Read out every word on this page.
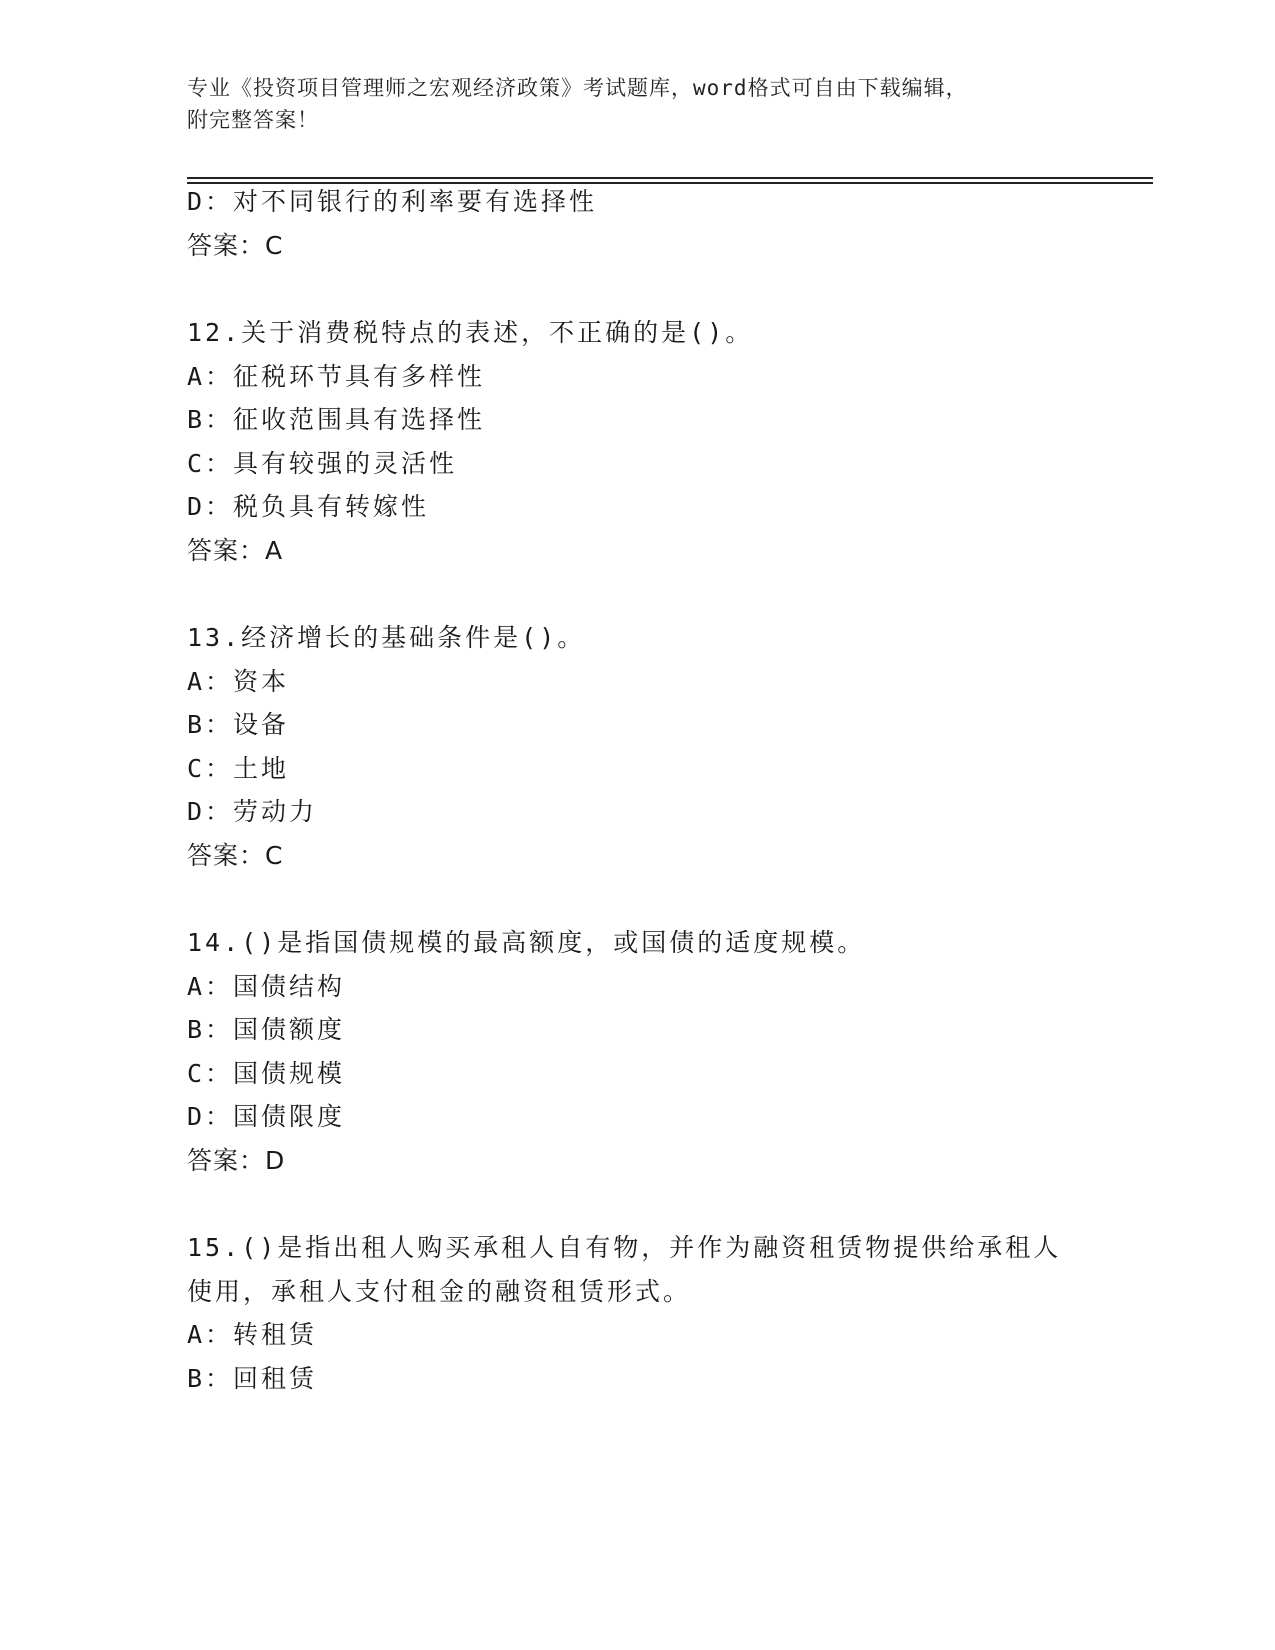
专业《投资项目管理师之宏观经济政策》考试题库，word格式可自由下载编辑，
附完整答案！
D：对不同银行的利率要有选择性
答案：C
12.关于消费税特点的表述，不正确的是()。
A：征税环节具有多样性
B：征收范围具有选择性
C：具有较强的灵活性
D：税负具有转嫁性
答案：A
13.经济增长的基础条件是()。
A：资本
B：设备
C：土地
D：劳动力
答案：C
14.()是指国债规模的最高额度，或国债的适度规模。
A：国债结构
B：国债额度
C：国债规模
D：国债限度
答案：D
15.()是指出租人购买承租人自有物，并作为融资租赁物提供给承租人
使用，承租人支付租金的融资租赁形式。
A：转租赁
B：回租赁
